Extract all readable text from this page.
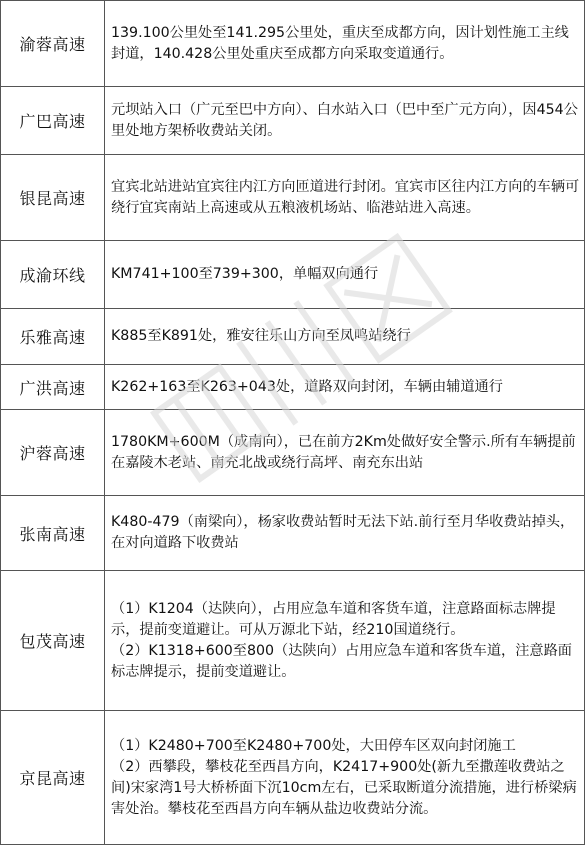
渝蓉高速	139.100公里处至141.295公里处，重庆至成都方向，因计划性施工主线封道，140.428公里处重庆至成都方向采取变道通行。

广巴高速	元坝站入口（广元至巴中方向）、白水站入口（巴中至广元方向），因454公里处地方架桥收费站关闭。

银昆高速	宜宾北站进站宜宾往内江方向匝道进行封闭。宜宾市区往内江方向的车辆可绕行宜宾南站上高速或从五粮液机场站、临港站进入高速。

成渝环线	KM741+100至739+300，单幅双向通行

乐雅高速	K885至K891处，雅安往乐山方向至凤鸣站绕行

广洪高速	K262+163至K263+043处，道路双向封闭，车辆由辅道通行

沪蓉高速	1780KM+600M（成南向），已在前方2Km处做好安全警示.所有车辆提前在嘉陵木老站、南充北战或绕行高坪、南充东出站

张南高速	K480-479（南梁向），杨家收费站暂时无法下站.前行至月华收费站掉头，在对向道路下收费站

包茂高速	（1）K1204（达陕向），占用应急车道和客货车道，注意路面标志牌提示，提前变道避让。可从万源北下站，经210国道绕行。
（2）K1318+600至800（达陕向）占用应急车道和客货车道，注意路面标志牌提示，提前变道避让。

京昆高速	（1）K2480+700至K2480+700处，大田停车区双向封闭施工
（2）西攀段，攀枝花至西昌方向，K2417+900处(新九至撒莲收费站之间)宋家湾1号大桥桥面下沉10cm左右，已采取断道分流措施，进行桥梁病害处治。攀枝花至西昌方向车辆从盐边收费站分流。
